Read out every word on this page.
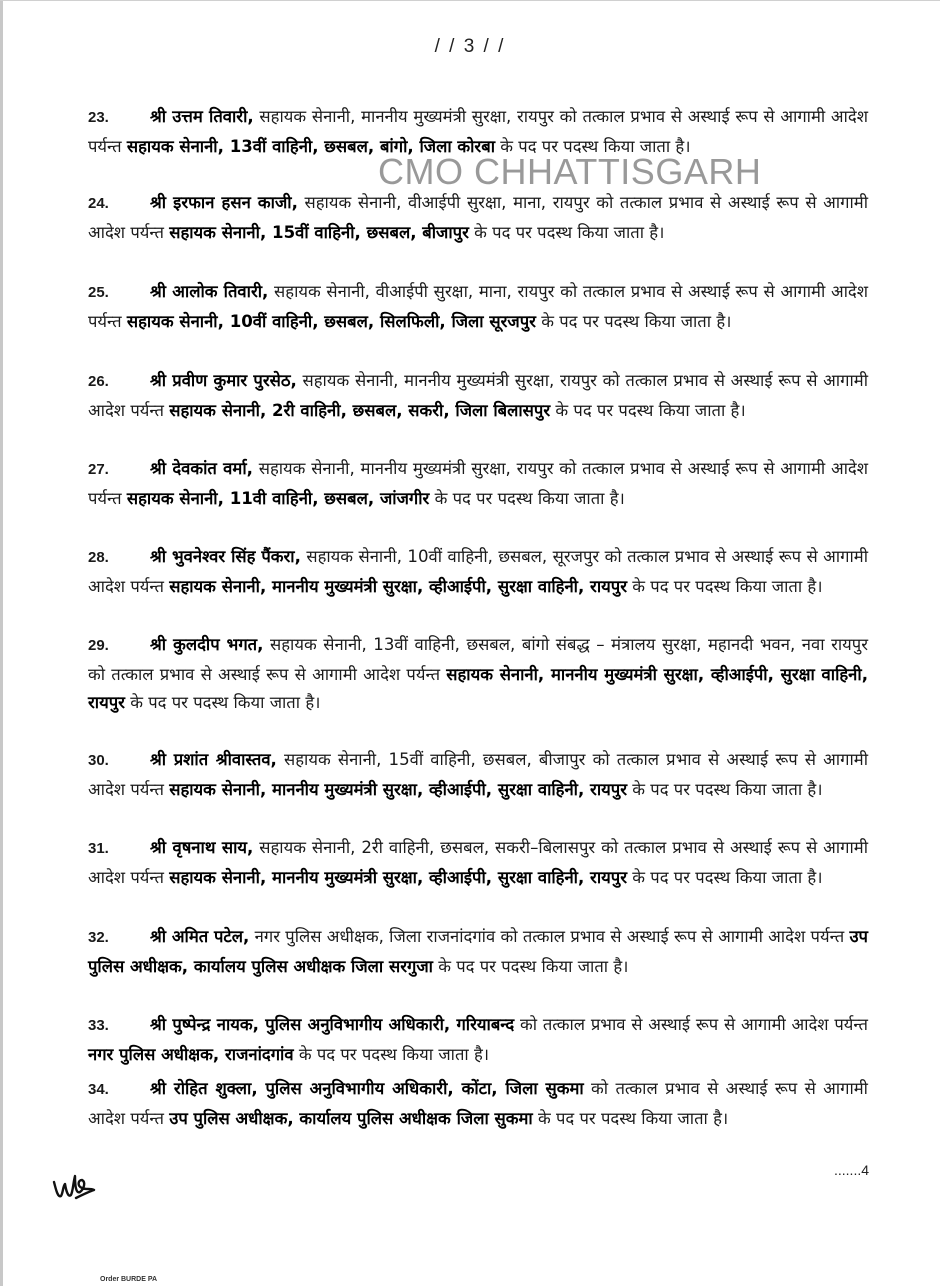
/ / 3 / /
23. श्री उत्तम तिवारी, सहायक सेनानी, माननीय मुख्यमंत्री सुरक्षा, रायपुर को तत्काल प्रभाव से अस्थाई रूप से आगामी आदेश पर्यन्त सहायक सेनानी, 13वीं वाहिनी, छसबल, बांगो, जिला कोरबा के पद पर पदस्थ किया जाता है।
CMO CHHATTISGARH
24. श्री इरफान हसन काजी, सहायक सेनानी, वीआईपी सुरक्षा, माना, रायपुर को तत्काल प्रभाव से अस्थाई रूप से आगामी आदेश पर्यन्त सहायक सेनानी, 15वीं वाहिनी, छसबल, बीजापुर के पद पर पदस्थ किया जाता है।
25. श्री आलोक तिवारी, सहायक सेनानी, वीआईपी सुरक्षा, माना, रायपुर को तत्काल प्रभाव से अस्थाई रूप से आगामी आदेश पर्यन्त सहायक सेनानी, 10वीं वाहिनी, छसबल, सिलफिली, जिला सूरजपुर के पद पर पदस्थ किया जाता है।
26. श्री प्रवीण कुमार पुरसेठ, सहायक सेनानी, माननीय मुख्यमंत्री सुरक्षा, रायपुर को तत्काल प्रभाव से अस्थाई रूप से आगामी आदेश पर्यन्त सहायक सेनानी, 2री वाहिनी, छसबल, सकरी, जिला बिलासपुर के पद पर पदस्थ किया जाता है।
27. श्री देवकांत वर्मा, सहायक सेनानी, माननीय मुख्यमंत्री सुरक्षा, रायपुर को तत्काल प्रभाव से अस्थाई रूप से आगामी आदेश पर्यन्त सहायक सेनानी, 11वी वाहिनी, छसबल, जांजगीर के पद पर पदस्थ किया जाता है।
28. श्री भुवनेश्वर सिंह पैंकरा, सहायक सेनानी, 10वीं वाहिनी, छसबल, सूरजपुर को तत्काल प्रभाव से अस्थाई रूप से आगामी आदेश पर्यन्त सहायक सेनानी, माननीय मुख्यमंत्री सुरक्षा, व्हीआईपी, सुरक्षा वाहिनी, रायपुर के पद पर पदस्थ किया जाता है।
29. श्री कुलदीप भगत, सहायक सेनानी, 13वीं वाहिनी, छसबल, बांगो संबद्ध – मंत्रालय सुरक्षा, महानदी भवन, नवा रायपुर को तत्काल प्रभाव से अस्थाई रूप से आगामी आदेश पर्यन्त सहायक सेनानी, माननीय मुख्यमंत्री सुरक्षा, व्हीआईपी, सुरक्षा वाहिनी, रायपुर के पद पर पदस्थ किया जाता है।
30. श्री प्रशांत श्रीवास्तव, सहायक सेनानी, 15वीं वाहिनी, छसबल, बीजापुर को तत्काल प्रभाव से अस्थाई रूप से आगामी आदेश पर्यन्त सहायक सेनानी, माननीय मुख्यमंत्री सुरक्षा, व्हीआईपी, सुरक्षा वाहिनी, रायपुर के पद पर पदस्थ किया जाता है।
31. श्री वृषनाथ साय, सहायक सेनानी, 2री वाहिनी, छसबल, सकरी–बिलासपुर को तत्काल प्रभाव से अस्थाई रूप से आगामी आदेश पर्यन्त सहायक सेनानी, माननीय मुख्यमंत्री सुरक्षा, व्हीआईपी, सुरक्षा वाहिनी, रायपुर के पद पर पदस्थ किया जाता है।
32. श्री अमित पटेल, नगर पुलिस अधीक्षक, जिला राजनांदगांव को तत्काल प्रभाव से अस्थाई रूप से आगामी आदेश पर्यन्त उप पुलिस अधीक्षक, कार्यालय पुलिस अधीक्षक जिला सरगुजा के पद पर पदस्थ किया जाता है।
33. श्री पुष्पेन्द्र नायक, पुलिस अनुविभागीय अधिकारी, गरियाबन्द को तत्काल प्रभाव से अस्थाई रूप से आगामी आदेश पर्यन्त नगर पुलिस अधीक्षक, राजनांदगांव के पद पर पदस्थ किया जाता है।
34. श्री रोहित शुक्ला, पुलिस अनुविभागीय अधिकारी, कोंटा, जिला सुकमा को तत्काल प्रभाव से अस्थाई रूप से आगामी आदेश पर्यन्त उप पुलिस अधीक्षक, कार्यालय पुलिस अधीक्षक जिला सुकमा के पद पर पदस्थ किया जाता है।
.......4
Order BURDE PA
